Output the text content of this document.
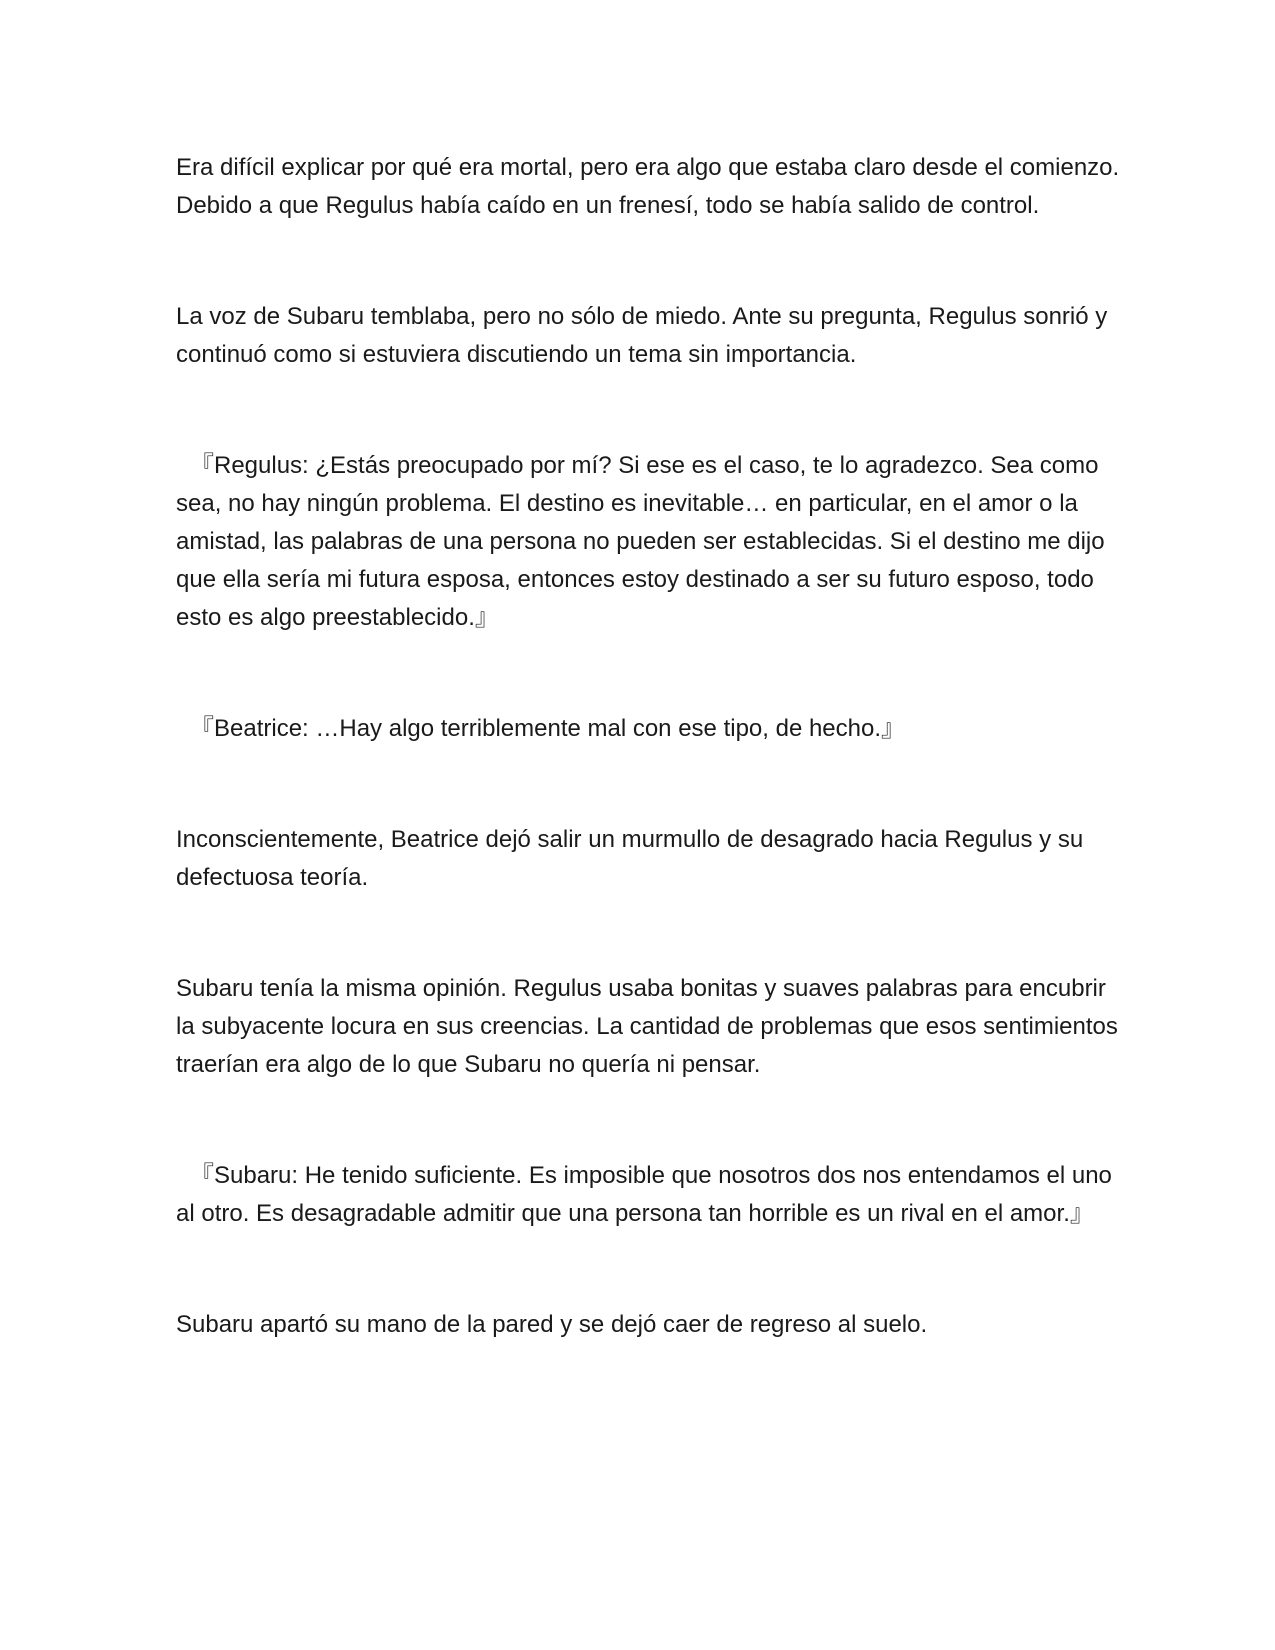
Era difícil explicar por qué era mortal, pero era algo que estaba claro desde el comienzo. Debido a que Regulus había caído en un frenesí, todo se había salido de control.

La voz de Subaru temblaba, pero no sólo de miedo. Ante su pregunta, Regulus sonrió y continuó como si estuviera discutiendo un tema sin importancia.

『Regulus: ¿Estás preocupado por mí? Si ese es el caso, te lo agradezco. Sea como sea, no hay ningún problema. El destino es inevitable… en particular, en el amor o la amistad, las palabras de una persona no pueden ser establecidas. Si el destino me dijo que ella sería mi futura esposa, entonces estoy destinado a ser su futuro esposo, todo esto es algo preestablecido.』

『Beatrice: …Hay algo terriblemente mal con ese tipo, de hecho.』

Inconscientemente, Beatrice dejó salir un murmullo de desagrado hacia Regulus y su defectuosa teoría.

Subaru tenía la misma opinión. Regulus usaba bonitas y suaves palabras para encubrir la subyacente locura en sus creencias. La cantidad de problemas que esos sentimientos traerían era algo de lo que Subaru no quería ni pensar.

『Subaru: He tenido suficiente. Es imposible que nosotros dos nos entendamos el uno al otro. Es desagradable admitir que una persona tan horrible es un rival en el amor.』

Subaru apartó su mano de la pared y se dejó caer de regreso al suelo.
